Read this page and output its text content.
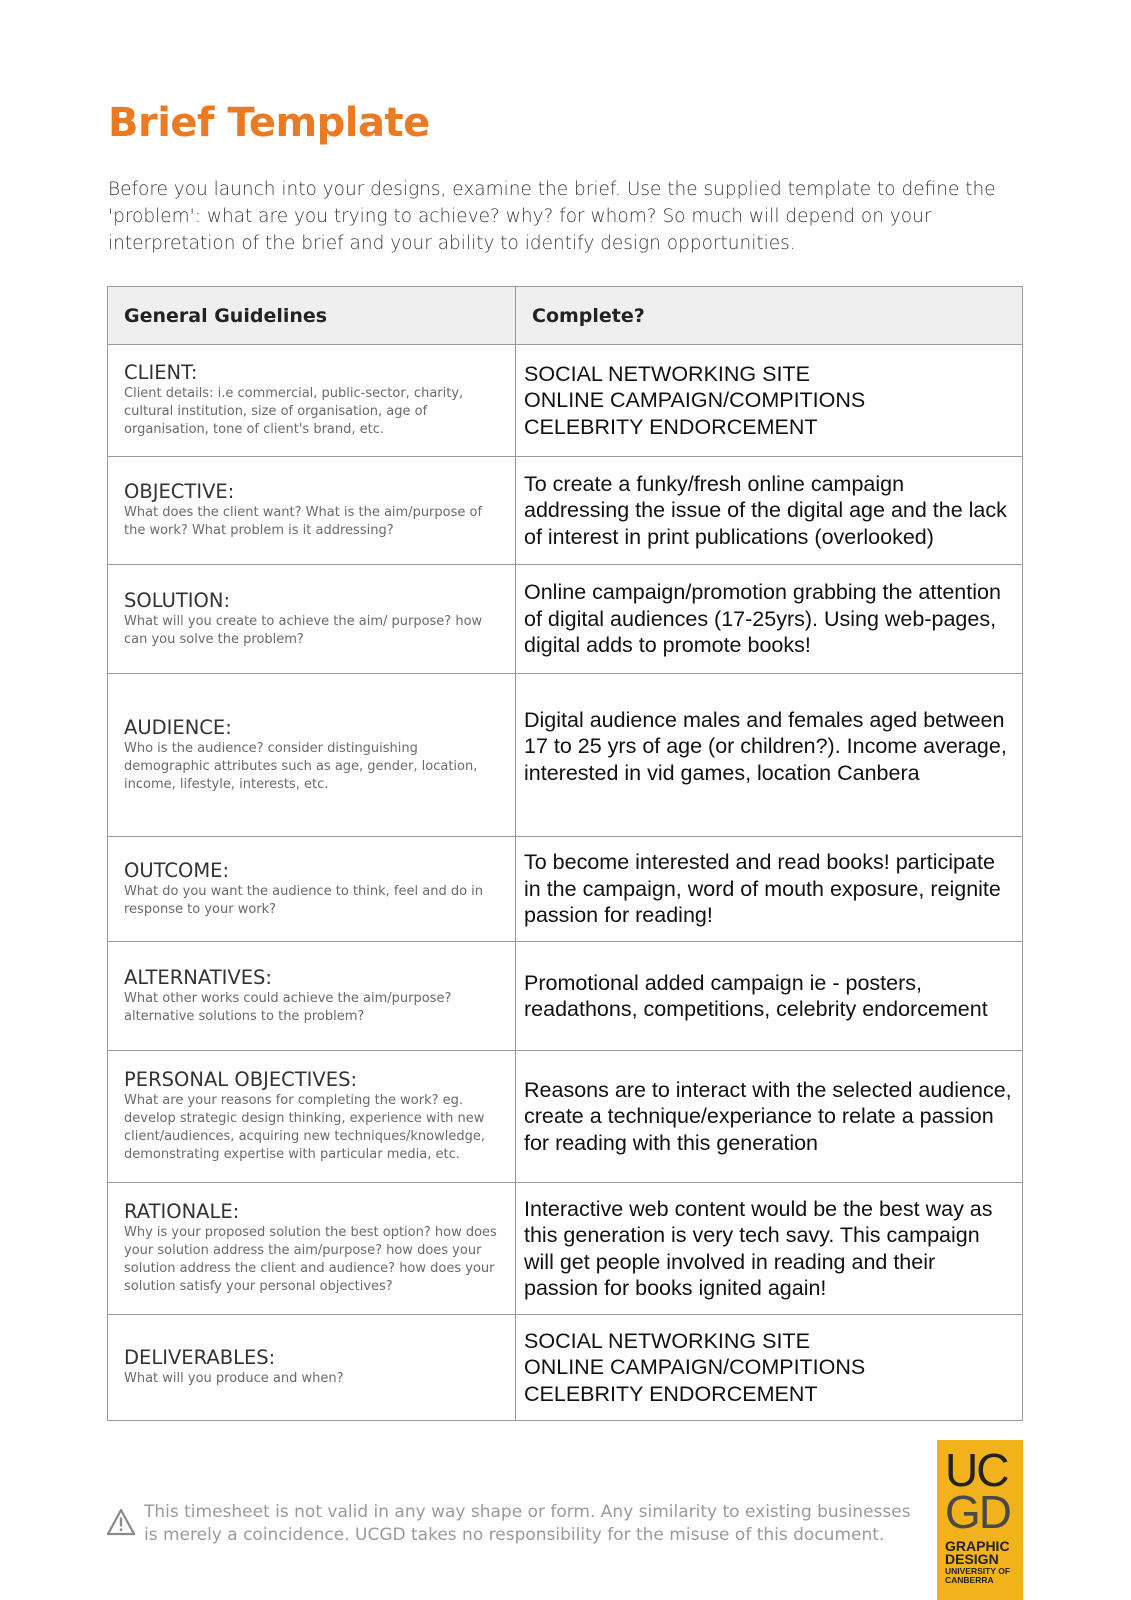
Brief Template

Before you launch into your designs, examine the brief. Use the supplied template to define the 'problem': what are you trying to achieve? why? for whom? So much will depend on your interpretation of the brief and your ability to identify design opportunities.

General Guidelines	Complete?

CLIENT:
Client details: i.e commercial, public-sector, charity, cultural institution, size of organisation, age of organisation, tone of client's brand, etc.	SOCIAL NETWORKING SITE
ONLINE CAMPAIGN/COMPITIONS
CELEBRITY ENDORCEMENT

OBJECTIVE:
What does the client want? What is the aim/purpose of the work? What problem is it addressing?	To create a funky/fresh online campaign addressing the issue of the digital age and the lack of interest in print publications (overlooked)

SOLUTION:
What will you create to achieve the aim/ purpose? how can you solve the problem?	Online campaign/promotion grabbing the attention of digital audiences (17-25yrs). Using web-pages, digital adds to promote books!

AUDIENCE:
Who is the audience? consider distinguishing demographic attributes such as age, gender, location, income, lifestyle, interests, etc.	Digital audience males and females aged between 17 to 25 yrs of age (or children?). Income average, interested in vid games, location Canbera

OUTCOME:
What do you want the audience to think, feel and do in response to your work?	To become interested and read books! participate in the campaign, word of mouth exposure, reignite passion for reading!

ALTERNATIVES:
What other works could achieve the aim/purpose? alternative solutions to the problem?	Promotional added campaign ie - posters, readathons, competitions, celebrity endorcement

PERSONAL OBJECTIVES:
What are your reasons for completing the work? eg. develop strategic design thinking, experience with new client/audiences, acquiring new techniques/knowledge, demonstrating expertise with particular media, etc.	Reasons are to interact with the selected audience, create a technique/experiance to relate a passion for reading with this generation

RATIONALE:
Why is your proposed solution the best option? how does your solution address the aim/purpose? how does your solution address the client and audience? how does your solution satisfy your personal objectives?	Interactive web content would be the best way as this generation is very tech savy. This campaign will get people involved in reading and their passion for books ignited again!

DELIVERABLES:
What will you produce and when?	SOCIAL NETWORKING SITE
ONLINE CAMPAIGN/COMPITIONS
CELEBRITY ENDORCEMENT

This timesheet is not valid in any way shape or form. Any similarity to existing businesses is merely a coincidence. UCGD takes no responsibility for the misuse of this document.

UC
GD
GRAPHIC DESIGN
UNIVERSITY OF CANBERRA
